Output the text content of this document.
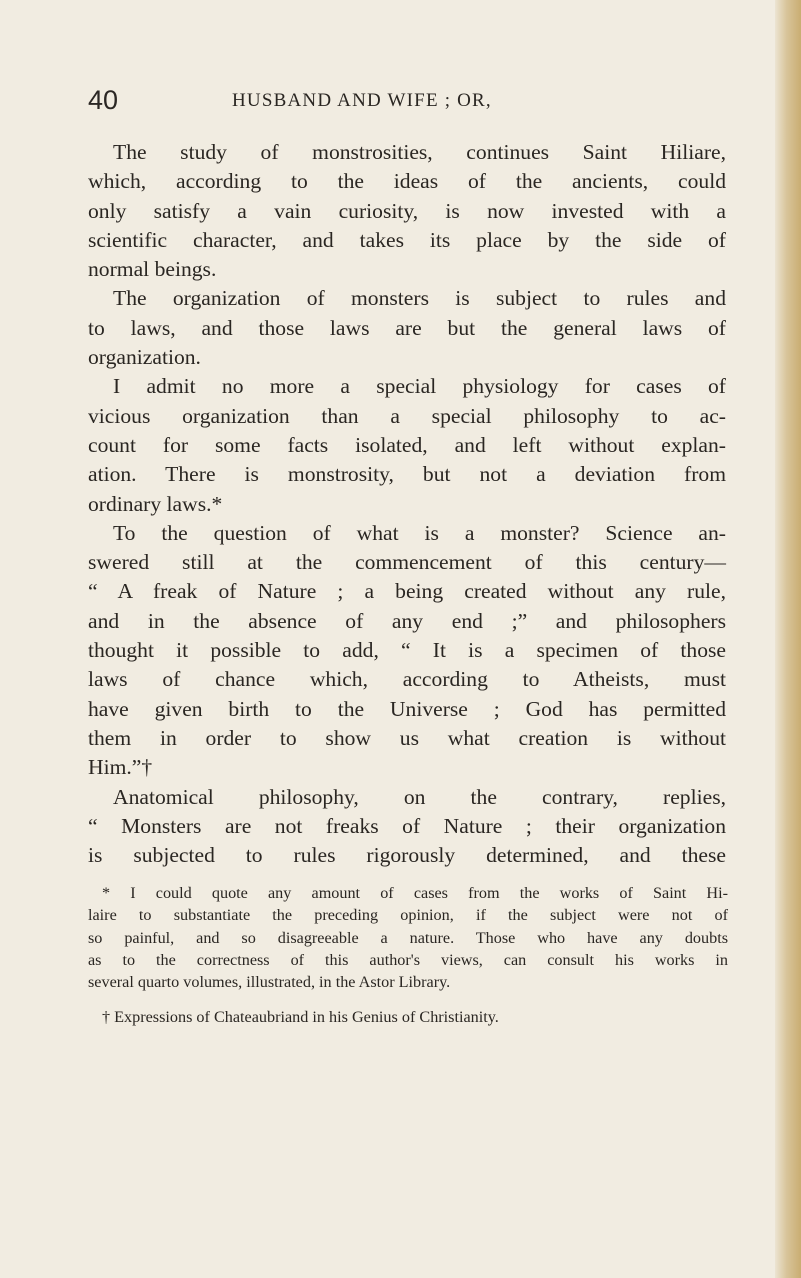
40	HUSBAND AND WIFE ; OR,
The study of monstrosities, continues Saint Hiliare,
which, according to the ideas of the ancients, could
only satisfy a vain curiosity, is now invested with a
scientific character, and takes its place by the side of
normal beings.
The organization of monsters is subject to rules and
to laws, and those laws are but the general laws of
organization.
I admit no more a special physiology for cases of
vicious organization than a special philosophy to ac-
count for some facts isolated, and left without explan-
ation. There is monstrosity, but not a deviation from
ordinary laws.*
To the question of what is a monster? Science an-
swered still at the commencement of this century—
“ A freak of Nature ; a being created without any rule,
and in the absence of any end ;” and philosophers
thought it possible to add, “ It is a specimen of those
laws of chance which, according to Atheists, must
have given birth to the Universe ; God has permitted
them in order to show us what creation is without
Him.”†
Anatomical philosophy, on the contrary, replies,
“ Monsters are not freaks of Nature ; their organization
is subjected to rules rigorously determined, and these
* I could quote any amount of cases from the works of Saint Hi-
laire to substantiate the preceding opinion, if the subject were not of
so painful, and so disagreeable a nature. Those who have any doubts
as to the correctness of this author's views, can consult his works in
several quarto volumes, illustrated, in the Astor Library.
† Expressions of Chateaubriand in his Genius of Christianity.
